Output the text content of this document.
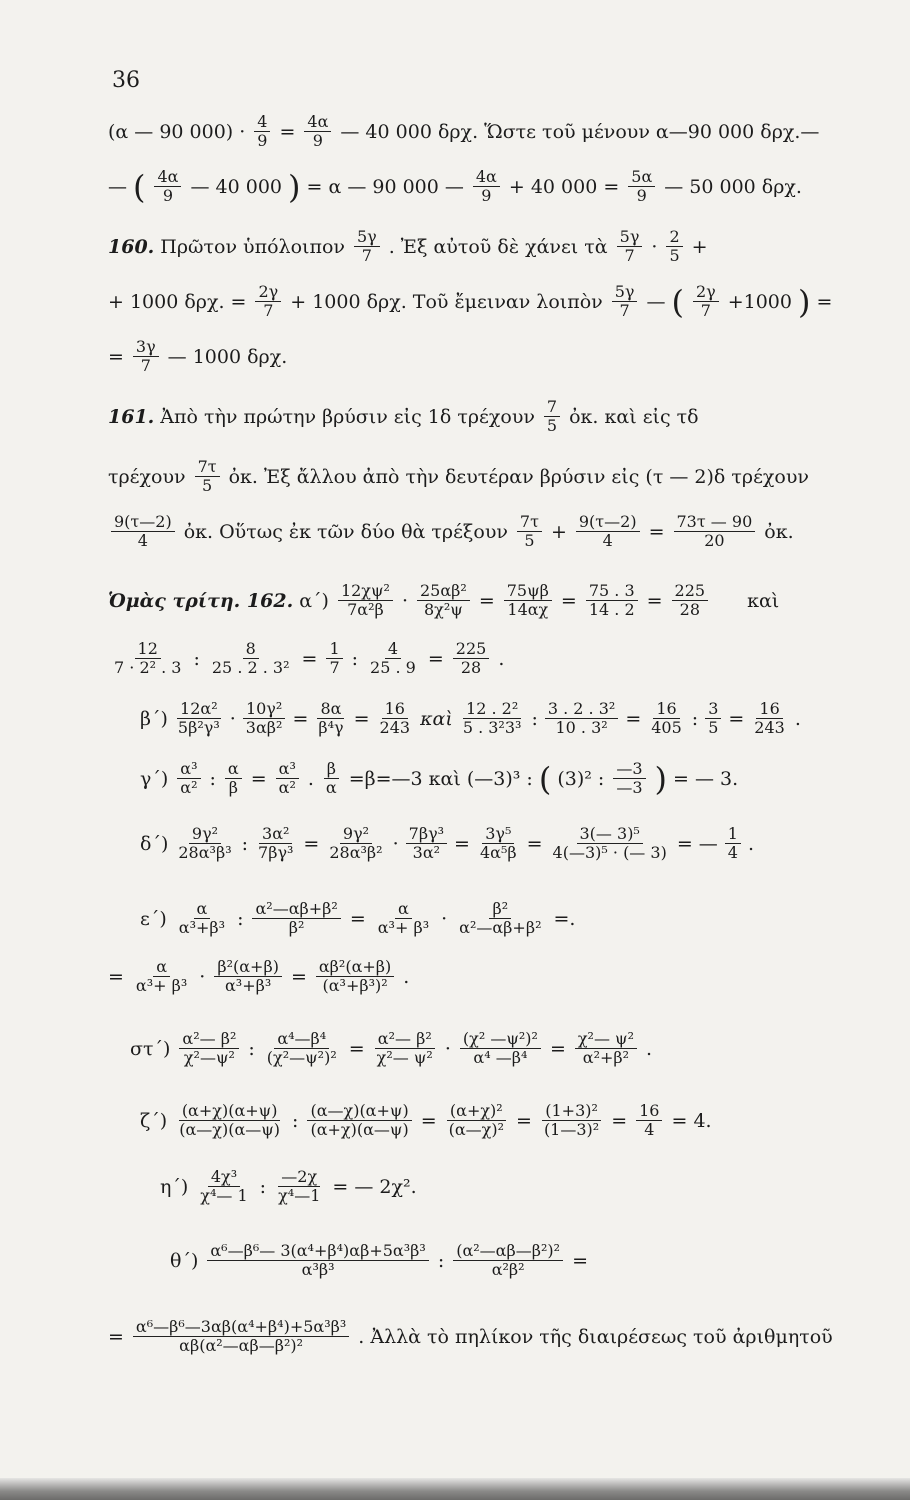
36
(α — 90 $000) \cdot \frac{4}{9} = \frac{4\alpha}{9}$ — 40 000 δρχ. Ὥστε τοῦ μένουν α—90 000 δρχ.—
— ( $\frac{4\alpha}{9}$ — 40 000 ) = α — 90 000 — $\frac{4\alpha}{9} + 40$ $000 = \frac{5\alpha}{9}$ — 50 000 δρχ.
160. Πρῶτον ὑπόλοιπον $\frac{5\gamma}{7}$ . Ἐξ αὐτοῦ δὲ χάνει τὰ $\frac{5\gamma}{7} \cdot \frac{2}{5}$ +
+ 1000 δρχ. = $\frac{2\gamma}{7} + 1000$ δρχ. Τοῦ ἔμειναν λοιπὸν $\frac{5\gamma}{7}$ — ( $\frac{2\gamma}{7} +1000$ ) =
= $\frac{3\gamma}{7}$ — 1000 δρχ.
161. Ἀπὸ τὴν πρώτην βρύσιν εἰς 1δ τρέχουν $\frac{7}{5}$ ὀκ. καὶ εἰς τδ
τρέχουν $\frac{7\tau}{5}$ ὀκ. Ἐξ ἄλλου ἀπὸ τὴν δευτέραν βρύσιν εἰς (τ — 2)δ τρέχουν
$\frac{9(\tau—2)}{4}$ ὀκ. Οὕτως ἐκ τῶν δύο θὰ τρέξουν $\frac{7\tau}{5} + \frac{9(\tau—2)}{4} = \frac{73\tau — 90}{20}$ ὀκ.
Ὁμὰς τρίτη. 162. $\alpha΄) \frac{\text{12χψ²}}{\text{7α²β}} \cdot \frac{\text{25αβ²}}{\text{8χ²ψ}} = \frac{75\psi\beta}{14\alpha\chi} = \frac{75 . 3}{14 . 2} = \frac{225}{28}$ καὶ
$\frac{12}{\text{7 · 2² . 3}}$ : $\frac{8}{\text{25 . 2 . 3²}} = \frac{1}{7}$ : $\frac{4}{25 . 9} = \frac{225}{28}$ .
$\beta΄) \frac{\text{12α²}}{\text{5β²γ³}} \cdot \frac{\text{10γ²}}{\text{3αβ²}} = \frac{8\alpha}{\text{β⁴γ}} = \frac{16}{243}$ καὶ $\frac{\text{12 . 2²}}{\text{5 . 3²3³}}$ : $\frac{\text{3 . 2 . 3²}}{\text{10 . 3²}} = \frac{16}{405}$ : $\frac{3}{5} = \frac{16}{243}$ .
$\gamma΄) \frac{\text{α³}}{\text{α²}}$ : $\frac{\alpha}{\beta} = \frac{\text{α³}}{\text{α²}}$ . $\frac{\beta}{\alpha}$ =β=—3 καὶ (—3)³ : ( (3)² : $\frac{—3}{—3}$ ) = — 3.
$\delta΄) \frac{\text{9γ²}}{\text{28α³β³}}$ : $\frac{\text{3α²}}{\text{7βγ³}} = \frac{\text{9γ²}}{\text{28α³β²}} \cdot \frac{\text{7βγ³}}{\text{3α²}} = \frac{\text{3γ⁵}}{\text{4α⁵β}} = \frac{\text{3(— 3)⁵}}{\text{4(—3)⁵ · (— 3)}}$ = — $\frac{1}{4}$ .
$\varepsilon΄) \frac{\alpha}{\text{α³+β³}}$ : $\frac{\text{α²—αβ+β²}}{\text{β²}} = \frac{\alpha}{\text{α³+ β³}} \cdot \frac{\text{β²}}{\text{α²—αβ+β²}}$ =.
= $\frac{\alpha}{\text{α³+ β³}} \cdot \frac{\text{β²(α+β)}}{\text{α³+β³}} = \frac{\text{αβ²(α+β)}}{\text{(α³+β³)²}}$ .
$\sigma\tau΄) \frac{\text{α²— β²}}{\text{χ²—ψ²}}$ : $\frac{\text{α⁴—β⁴}}{\text{(χ²—ψ²)²}} = \frac{\text{α²— β²}}{\text{χ²— ψ²}} \cdot \frac{\text{(χ² —ψ²)²}}{\text{α⁴ —β⁴}} = \frac{\text{χ²— ψ²}}{\text{α²+β²}}$ .
$\zeta΄) \frac{(\alpha+\chi)(\alpha+\psi)}{(\alpha—\chi)(\alpha—\psi)}$ : $\frac{(\alpha—\chi)(\alpha+\psi)}{(\alpha+\chi)(\alpha—\psi)} = \frac{\text{(α+χ)²}}{\text{(α—χ)²}} = \frac{\text{(1+3)²}}{\text{(1—3)²}} = \frac{16}{4} = 4$.
$\eta΄) \frac{\text{4χ³}}{\text{χ⁴— 1}}$ : $\frac{—2\chi}{\text{χ⁴—1}}$ = — 2χ².
$\theta΄) \frac{\text{α⁶—β⁶— 3(α⁴+β⁴)αβ+5α³β³}}{\text{α³β³}}$ : $\frac{\text{(α²—αβ—β²)²}}{\text{α²β²}}$ =
= $\frac{\text{α⁶—β⁶—3αβ(α⁴+β⁴)+5α³β³}}{\text{αβ(α²—αβ—β²)²}}$ . Ἀλλὰ τὸ πηλίκον τῆς διαιρέσεως τοῦ ἀριθμητοῦ
